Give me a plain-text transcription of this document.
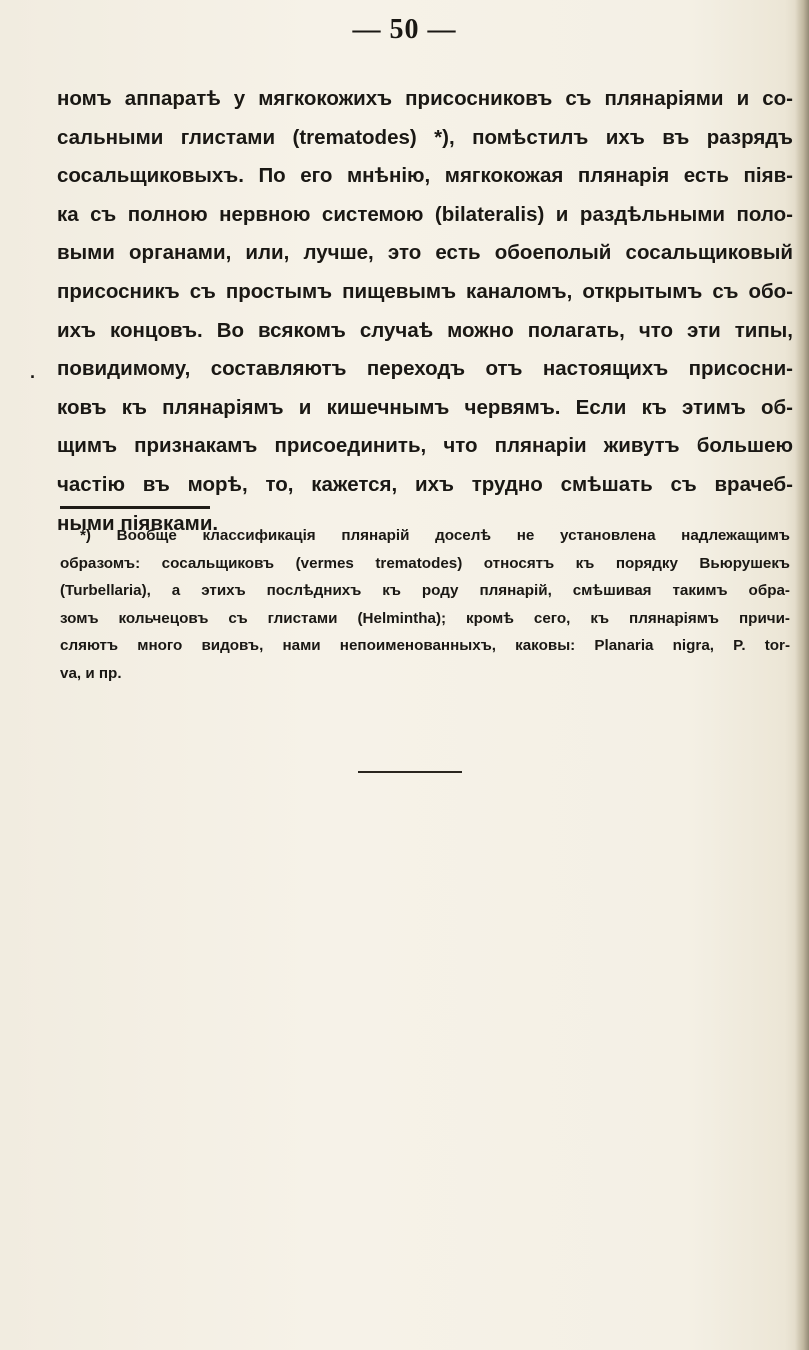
— 50 —
.
номъ аппаратѣ у мягкокожихъ присосниковъ съ плянаріями и со-
сальными глистами (trematodes) *), помѣстилъ ихъ въ разрядъ
сосальщиковыхъ. По его мнѣнію, мягкокожая плянарія есть піяв-
ка съ полною нервною системою (bilateralis) и раздѣльными поло-
выми органами, или, лучше, это есть обоеполый сосальщиковый
присосникъ съ простымъ пищевымъ каналомъ, открытымъ съ обо-
ихъ концовъ. Во всякомъ случаѣ можно полагать, что эти типы,
повидимому, составляютъ переходъ отъ настоящихъ присосни-
ковъ къ плянаріямъ и кишечнымъ червямъ. Если къ этимъ об-
щимъ признакамъ присоединить, что плянаріи живутъ большею
частію въ морѣ, то, кажется, ихъ трудно смѣшать съ врачеб-
ными піявками.
*) Вообще классификація плянарій доселѣ не установлена надлежащимъ
образомъ: сосальщиковъ (vermes trematodes) относятъ къ порядку Вьюрушекъ
(Turbellaria), а этихъ послѣднихъ къ роду плянарій, смѣшивая такимъ обра-
зомъ кольчецовъ съ глистами (Helmintha); кромѣ сего, къ плянаріямъ причи-
сляютъ много видовъ, нами непоименованныхъ, каковы: Planaria nigra, P. tor-
va, и пр.
